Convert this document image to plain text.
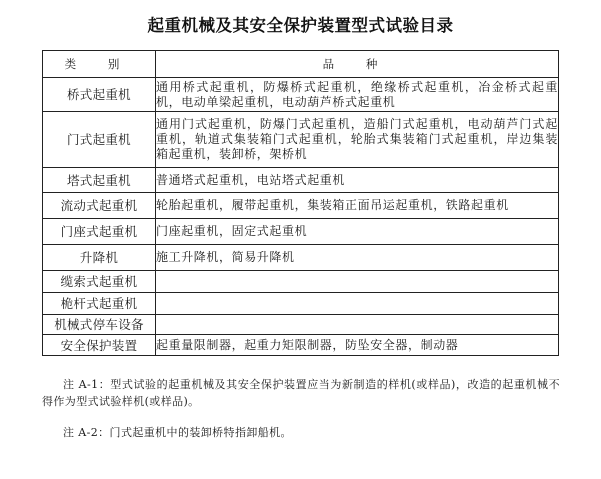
起重机械及其安全保护装置型式试验目录
类 别	品 种
桥式起重机	通用桥式起重机，防爆桥式起重机，绝缘桥式起重机，冶金桥式起重机，电动单梁起重机，电动葫芦桥式起重机
门式起重机	通用门式起重机，防爆门式起重机，造船门式起重机，电动葫芦门式起重机，轨道式集装箱门式起重机，轮胎式集装箱门式起重机，岸边集装箱起重机，装卸桥，架桥机
塔式起重机	普通塔式起重机，电站塔式起重机
流动式起重机	轮胎起重机，履带起重机，集装箱正面吊运起重机，铁路起重机
门座式起重机	门座起重机，固定式起重机
升降机	施工升降机，简易升降机
缆索式起重机	
桅杆式起重机	
机械式停车设备	
安全保护装置	起重量限制器，起重力矩限制器，防坠安全器，制动器
注 A-1：型式试验的起重机械及其安全保护装置应当为新制造的样机(或样品)，改造的起重机械不得作为型式试验样机(或样品)。
注 A-2：门式起重机中的装卸桥特指卸船机。
